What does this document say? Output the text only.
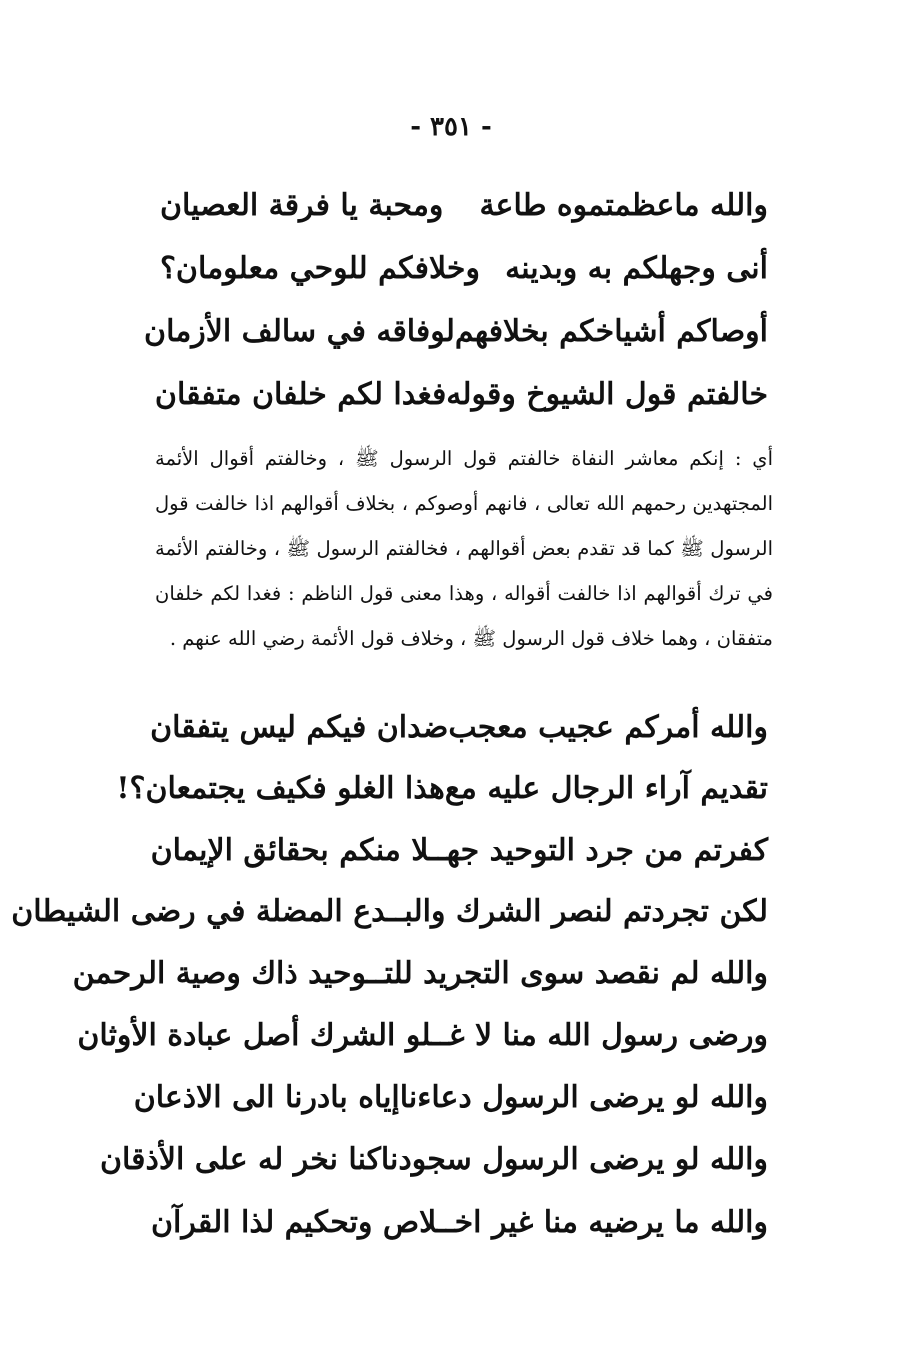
- ٣٥١ -
والله ماعظمتموه طاعة
ومحبة يا فرقة العصيان
أنى وجهلكم به وبدينه
وخلافكم للوحي معلومان؟
أوصاكم أشياخكم بخلافهم
لوفاقه في سالف الأزمان
خالفتم قول الشيوخ وقوله
فغدا لكم خلفان متفقان

أي : إنكم معاشر النفاة خالفتم قول الرسول ﷺ ، وخالفتم أقوال الأئمة المجتهدين رحمهم الله تعالى ، فانهم أوصوكم ، بخلاف أقوالهم اذا خالفت قول الرسول ﷺ كما قد تقدم بعض أقوالهم ، فخالفتم الرسول ﷺ ، وخالفتم الأئمة في ترك أقوالهم اذا خالفت أقواله ، وهذا معنى قول الناظم : فغدا لكم خلفان متفقان ، وهما خلاف قول الرسول ﷺ ، وخلاف قول الأئمة رضي الله عنهم .

والله أمركم عجيب معجب
ضدان فيكم ليس يتفقان
تقديم آراء الرجال عليه مع
هذا الغلو فكيف يجتمعان؟!
كفرتم من جرد التوحيد جهـ
ـلا منكم بحقائق الإيمان
لكن تجردتم لنصر الشرك والبـ
ـدع المضلة في رضى الشيطان
والله لم نقصد سوى التجريد للتـ
ـوحيد ذاك وصية الرحمن
ورضى رسول الله منا لا غـ
ـلو الشرك أصل عبادة الأوثان
والله لو يرضى الرسول دعاءنا
إياه بادرنا الى الاذعان
والله لو يرضى الرسول سجودنا
كنا نخر له على الأذقان
والله ما يرضيه منا غير اخـ
ـلاص وتحكيم لذا القرآن
